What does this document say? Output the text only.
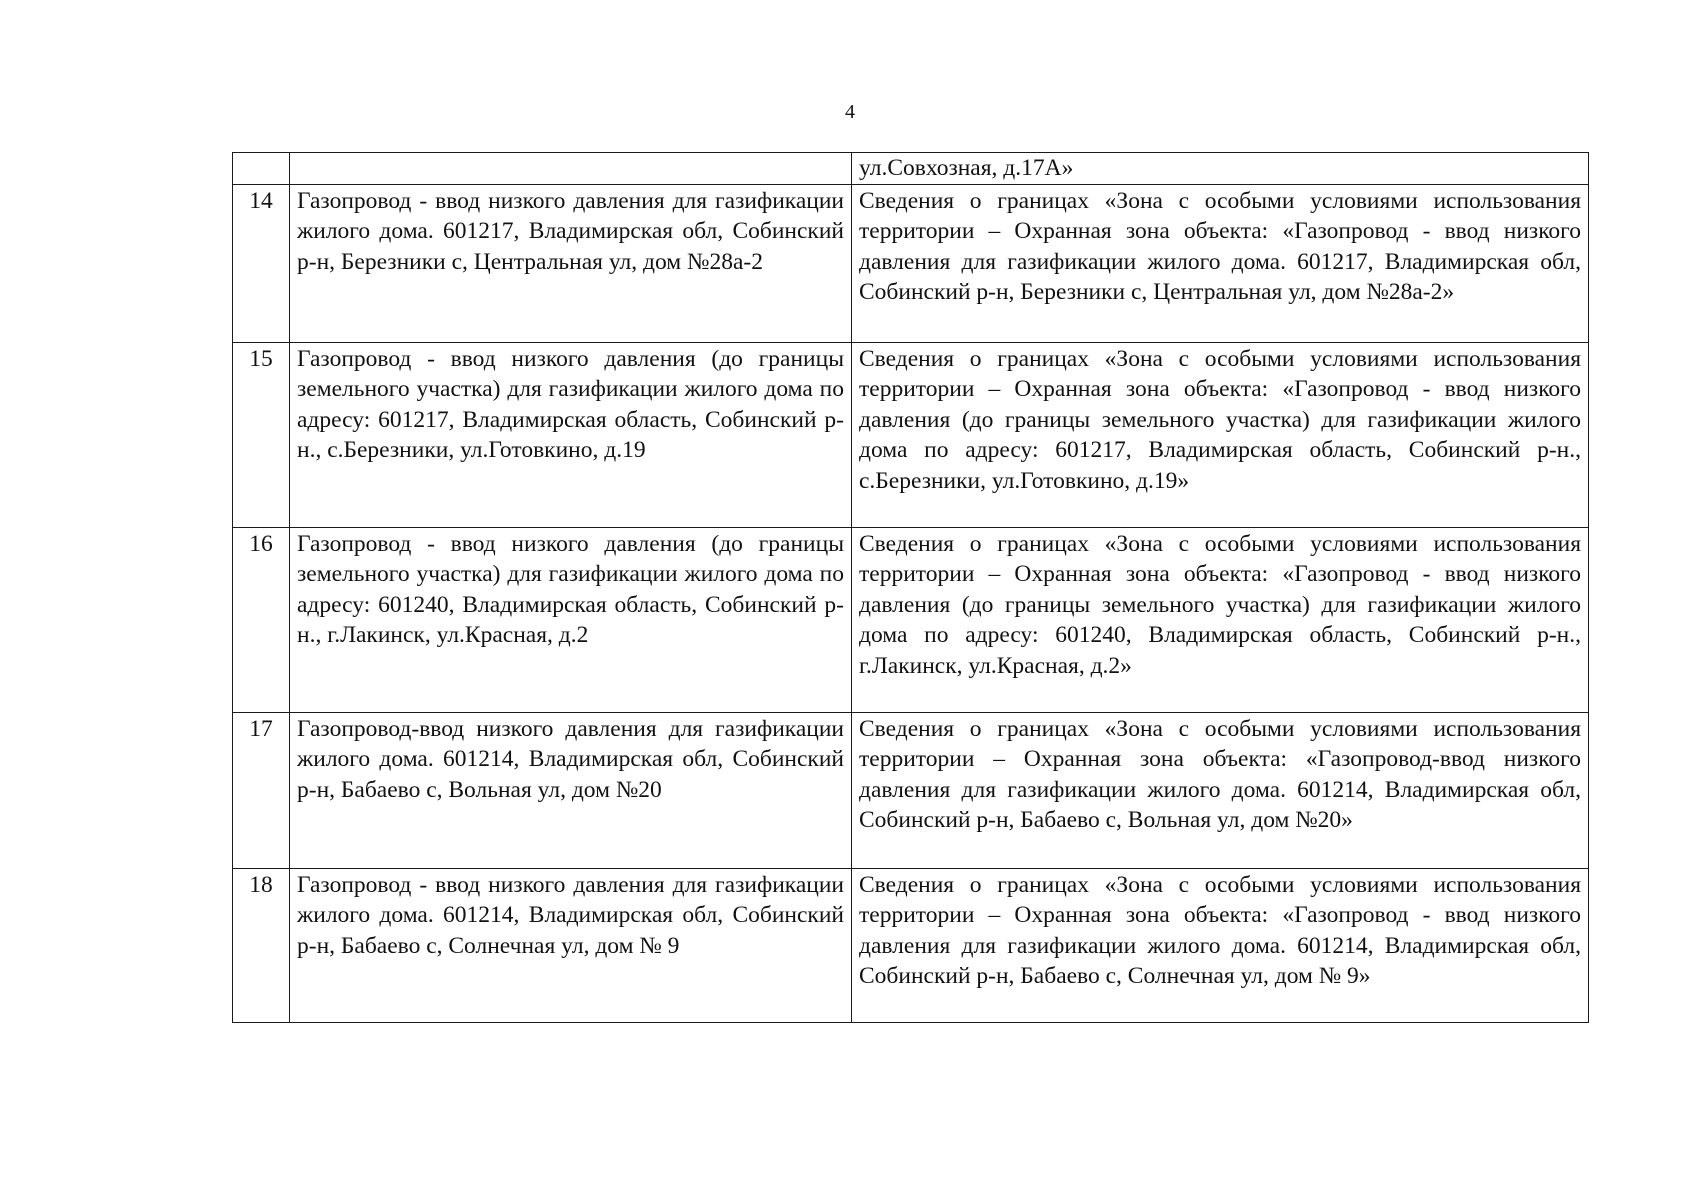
4
		ул.Совхозная, д.17А»
14	Газопровод - ввод низкого давления для газификации жилого дома. 601217, Владимирская обл, Собинский р-н, Березники с, Центральная ул, дом №28а-2	Сведения о границах «Зона с особыми условиями использования территории – Охранная зона объекта: «Газопровод - ввод низкого давления для газификации жилого дома. 601217, Владимирская обл, Собинский р-н, Березники с, Центральная ул, дом №28а-2»
15	Газопровод - ввод низкого давления (до границы земельного участка) для газификации жилого дома по адресу: 601217, Владимирская область, Собинский р-н., с.Березники, ул.Готовкино, д.19	Сведения о границах «Зона с особыми условиями использования территории – Охранная зона объекта: «Газопровод - ввод низкого давления (до границы земельного участка) для газификации жилого дома по адресу: 601217, Владимирская область, Собинский р-н., с.Березники, ул.Готовкино, д.19»
16	Газопровод - ввод низкого давления (до границы земельного участка) для газификации жилого дома по адресу: 601240, Владимирская область, Собинский р-н., г.Лакинск, ул.Красная, д.2	Сведения о границах «Зона с особыми условиями использования территории – Охранная зона объекта: «Газопровод - ввод низкого давления (до границы земельного участка) для газификации жилого дома по адресу: 601240, Владимирская область, Собинский р-н., г.Лакинск, ул.Красная, д.2»
17	Газопровод-ввод низкого давления для газификации жилого дома. 601214, Владимирская обл, Собинский р-н, Бабаево с, Вольная ул, дом №20	Сведения о границах «Зона с особыми условиями использования территории – Охранная зона объекта: «Газопровод-ввод низкого давления для газификации жилого дома. 601214, Владимирская обл, Собинский р-н, Бабаево с, Вольная ул, дом №20»
18	Газопровод - ввод низкого давления для газификации жилого дома. 601214, Владимирская обл, Собинский р-н, Бабаево с, Солнечная ул, дом № 9	Сведения о границах «Зона с особыми условиями использования территории – Охранная зона объекта: «Газопровод - ввод низкого давления для газификации жилого дома. 601214, Владимирская обл, Собинский р-н, Бабаево с, Солнечная ул, дом № 9»
